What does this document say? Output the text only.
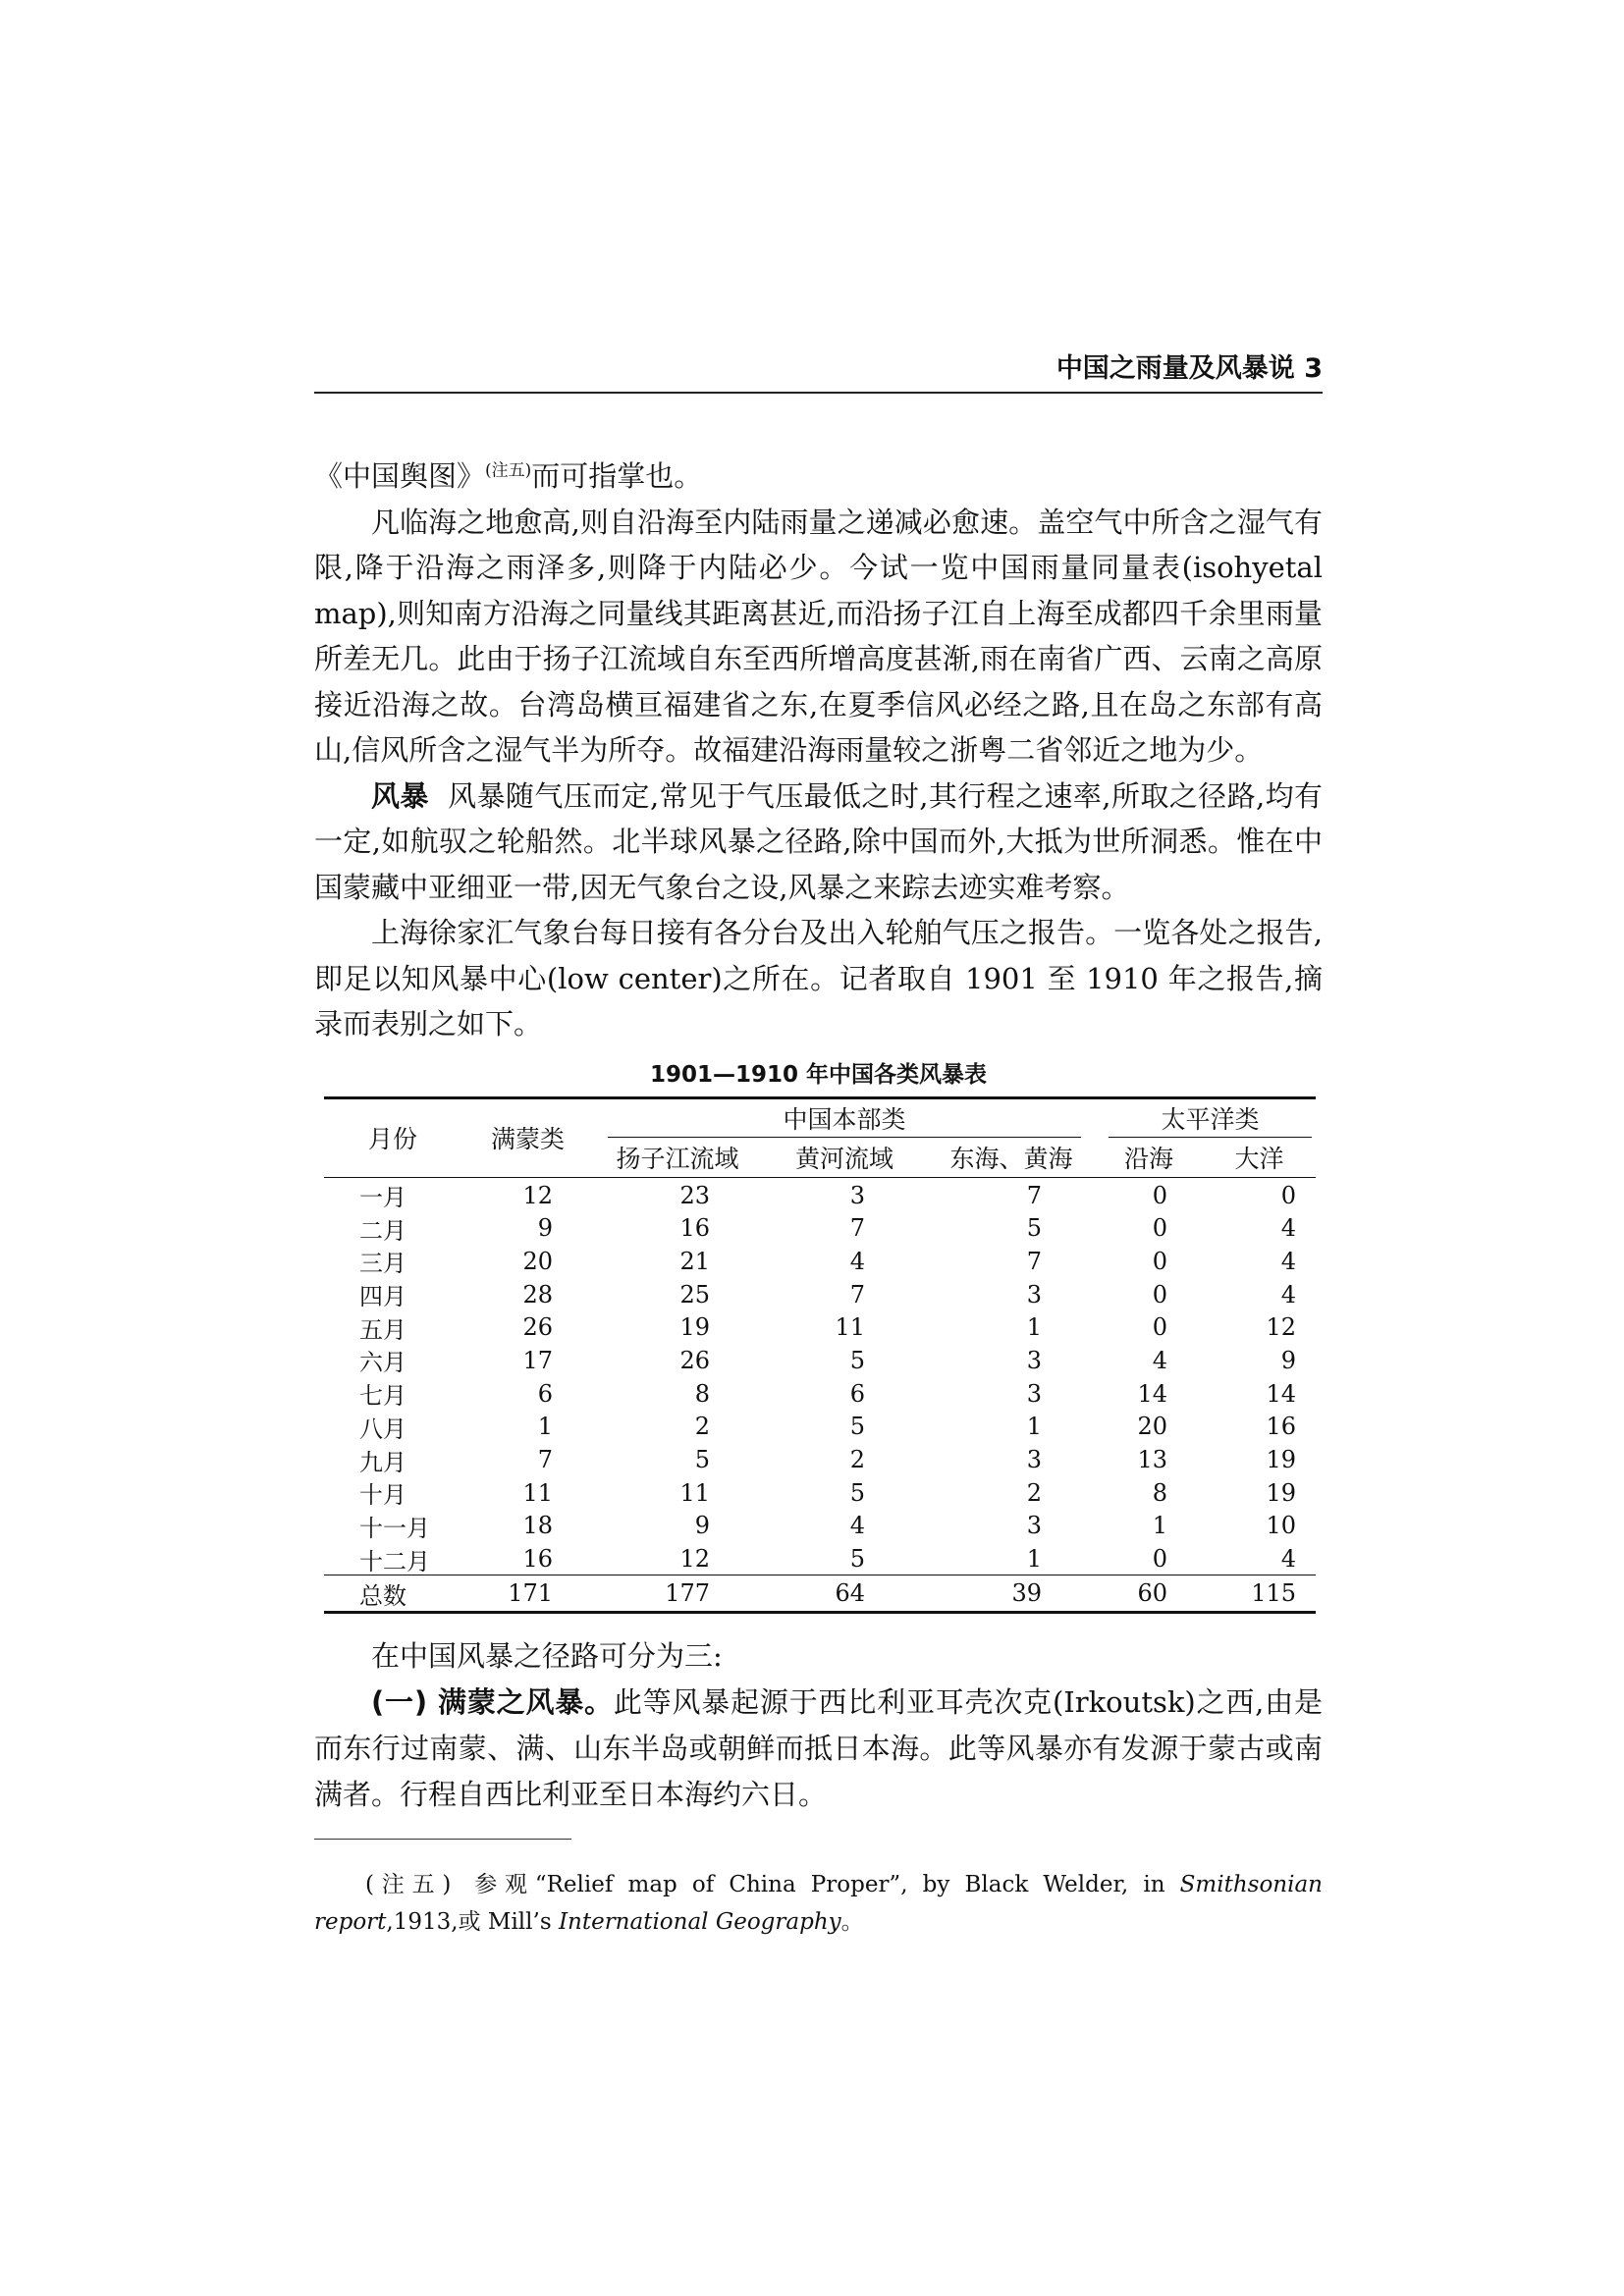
中国之雨量及风暴说 3

《中国舆图》$^{(注五)}$而可指掌也。

凡临海之地愈高,则自沿海至内陆雨量之递减必愈速。盖空气中所含之湿气有限,降于沿海之雨泽多,则降于内陆必少。今试一览中国雨量同量表(isohyetal map),则知南方沿海之同量线其距离甚近,而沿扬子江自上海至成都四千余里雨量所差无几。此由于扬子江流域自东至西所增高度甚渐,雨在南省广西、云南之高原接近沿海之故。台湾岛横亘福建省之东,在夏季信风必经之路,且在岛之东部有高山,信风所含之湿气半为所夺。故福建沿海雨量较之浙粤二省邻近之地为少。

风暴 风暴随气压而定,常见于气压最低之时,其行程之速率,所取之径路,均有一定,如航驭之轮船然。北半球风暴之径路,除中国而外,大抵为世所洞悉。惟在中国蒙藏中亚细亚一带,因无气象台之设,风暴之来踪去迹实难考察。

上海徐家汇气象台每日接有各分台及出入轮舶气压之报告。一览各处之报告,即足以知风暴中心(low center)之所在。记者取自 1901 至 1910 年之报告,摘录而表别之如下。

1901—1910 年中国各类风暴表
月份	满蒙类
中国本部类	太平洋类
扬子江流域	黄河流域	东海、黄海	沿海	大洋
一月	12	23	3	7	0	0
二月	9	16	7	5	0	4
三月	20	21	4	7	0	4
四月	28	25	7	3	0	4
五月	26	19	11	1	0	12
六月	17	26	5	3	4	9
七月	6	8	6	3	14	14
八月	1	2	5	1	20	16
九月	7	5	2	3	13	19
十月	11	11	5	2	8	19
十一月	18	9	4	3	1	10
十二月	16	12	5	1	0	4
总数	171	177	64	39	60	115

在中国风暴之径路可分为三:

(一) 满蒙之风暴。此等风暴起源于西比利亚耳壳次克(Irkoutsk)之西,由是而东行过南蒙、满、山东半岛或朝鲜而抵日本海。此等风暴亦有发源于蒙古或南满者。行程自西比利亚至日本海约六日。

(注五) 参观“Relief map of China Proper”, by Black Welder, in Smithsonian report,1913,或 Mill’s International Geography。
